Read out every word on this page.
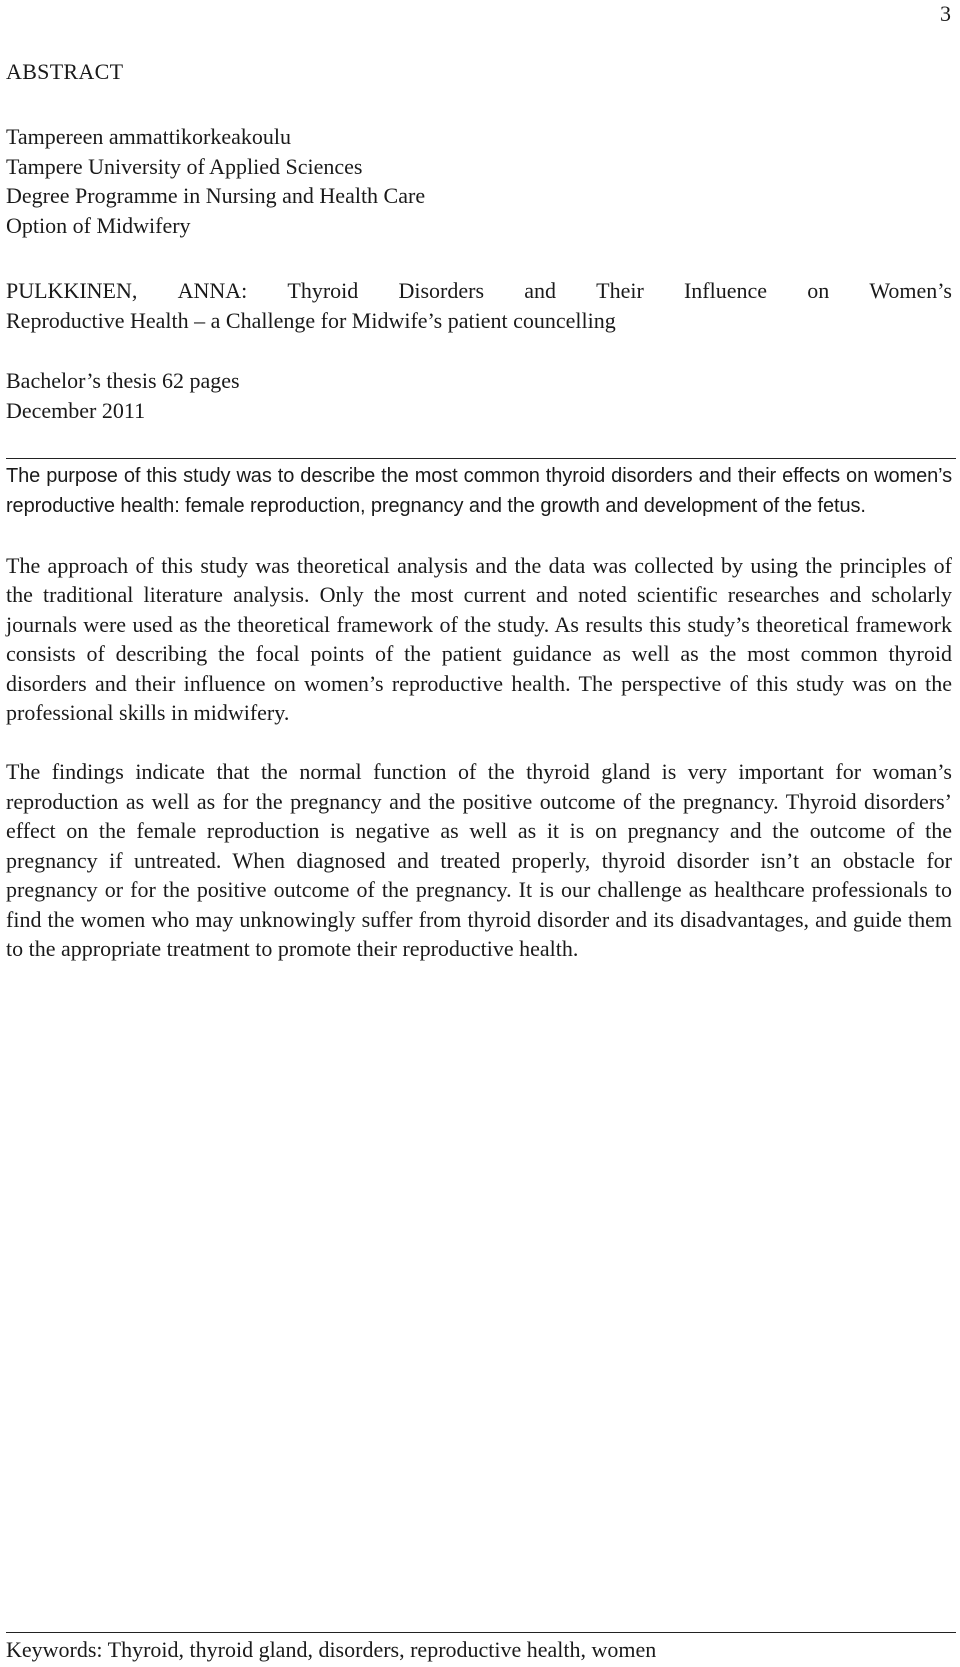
3
ABSTRACT
Tampereen ammattikorkeakoulu
Tampere University of Applied Sciences
Degree Programme in Nursing and Health Care
Option of Midwifery
PULKKINEN, ANNA: Thyroid Disorders and Their Influence on Women’s
Reproductive Health – a Challenge for Midwife’s patient councelling
Bachelor’s thesis 62 pages
December 2011

The purpose of this study was to describe the most common thyroid disorders and their effects on women’s reproductive health: female reproduction, pregnancy and the growth and development of the fetus.

The approach of this study was theoretical analysis and the data was collected by using the principles of the traditional literature analysis. Only the most current and noted scientific researches and scholarly journals were used as the theoretical framework of the study. As results this study’s theoretical framework consists of describing the focal points of the patient guidance as well as the most common thyroid disorders and their influence on women’s reproductive health. The perspective of this study was on the professional skills in midwifery.

The findings indicate that the normal function of the thyroid gland is very important for woman’s reproduction as well as for the pregnancy and the positive outcome of the pregnancy. Thyroid disorders’ effect on the female reproduction is negative as well as it is on pregnancy and the outcome of the pregnancy if untreated. When diagnosed and treated properly, thyroid disorder isn’t an obstacle for pregnancy or for the positive outcome of the pregnancy. It is our challenge as healthcare professionals to find the women who may unknowingly suffer from thyroid disorder and its disadvantages, and guide them to the appropriate treatment to promote their reproductive health.

Keywords: Thyroid, thyroid gland, disorders, reproductive health, women
